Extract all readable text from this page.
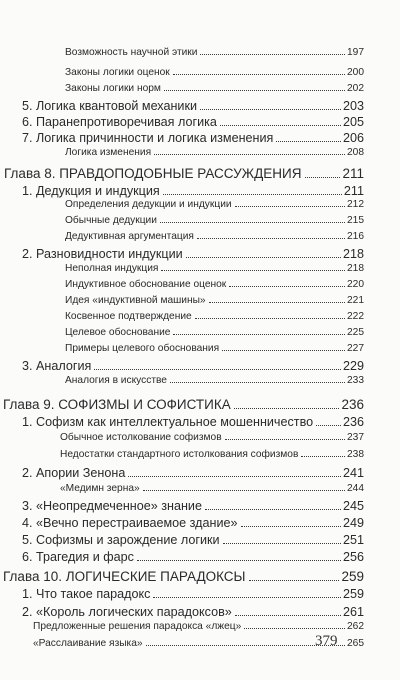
Возможность научной этики	197
Законы логики оценок	200
Законы логики норм	202
5. Логика квантовой механики	203
6. Паранепротиворечивая логика	205
7. Логика причинности и логика изменения	206
Логика изменения	208
Глава 8. ПРАВДОПОДОБНЫЕ РАССУЖДЕНИЯ	211
1. Дедукция и индукция	211
Определения дедукции и индукции	212
Обычные дедукции	215
Дедуктивная аргументация	216
2. Разновидности индукции	218
Неполная индукция	218
Индуктивное обоснование оценок	220
Идея «индуктивной машины»	221
Косвенное подтверждение	222
Целевое обоснование	225
Примеры целевого обоснования	227
3. Аналогия	229
Аналогия в искусстве	233
Глава 9. СОФИЗМЫ И СОФИСТИКА	236
1. Софизм как интеллектуальное мошенничество 236
Обычное истолкование софизмов	237
Недостатки стандартного истолкования софизмов	238
2. Апории Зенона	241
«Медимн зерна»	244
3. «Неопредмеченное» знание	245
4. «Вечно перестраиваемое здание»	249
5. Софизмы и зарождение логики	251
6. Трагедия и фарс	256
Глава 10. ЛОГИЧЕСКИЕ ПАРАДОКСЫ	259
1. Что такое парадокс	259
2. «Король логических парадоксов»	261
Предложенные решения парадокса «лжец»	262
«Расслаивание языка»	265
379
